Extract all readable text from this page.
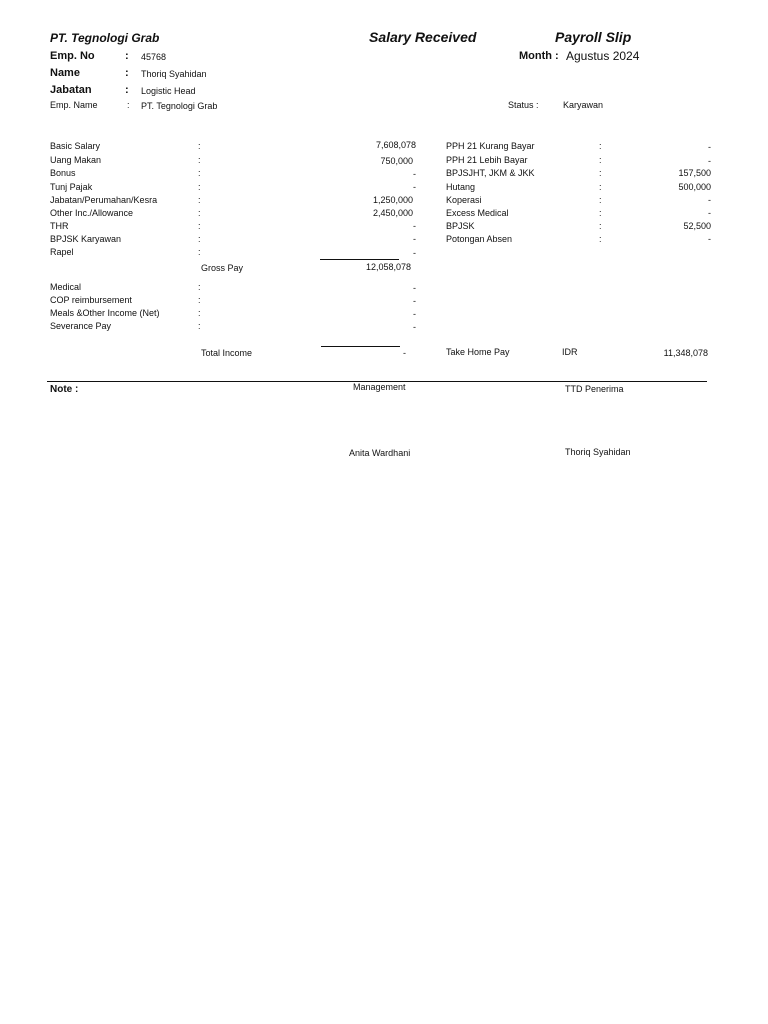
PT. Tegnologi Grab	Salary Received	Payroll Slip
Month : Agustus 2024
Emp. No	: 45768
Name	: Thoriq Syahidan
Jabatan	: Logistic Head
Emp. Name	: PT. Tegnologi Grab	Status :	Karyawan
Basic Salary	:	7,608,078
Uang Makan	:	750,000
Bonus	:	-
Tunj Pajak	:	-
Jabatan/Perumahan/Kesra	:	1,250,000
Other Inc./Allowance	:	2,450,000
THR	:	-
BPJSK Karyawan	:	-
Rapel	:	-
Gross Pay	12,058,078
Medical	:	-
COP reimbursement	:	-
Meals &Other Income (Net)	:	-
Severance Pay	:	-
Total Income	-
PPH 21 Kurang Bayar	:	-
PPH 21 Lebih Bayar	:	-
BPJSJHT, JKM & JKK	:	157,500
Hutang	:	500,000
Koperasi	:	-
Excess Medical	:	-
BPJSK	:	52,500
Potongan Absen	:	-
Take Home Pay	IDR	11,348,078
Note :	Management	TTD Penerima
Anita Wardhani	Thoriq Syahidan
